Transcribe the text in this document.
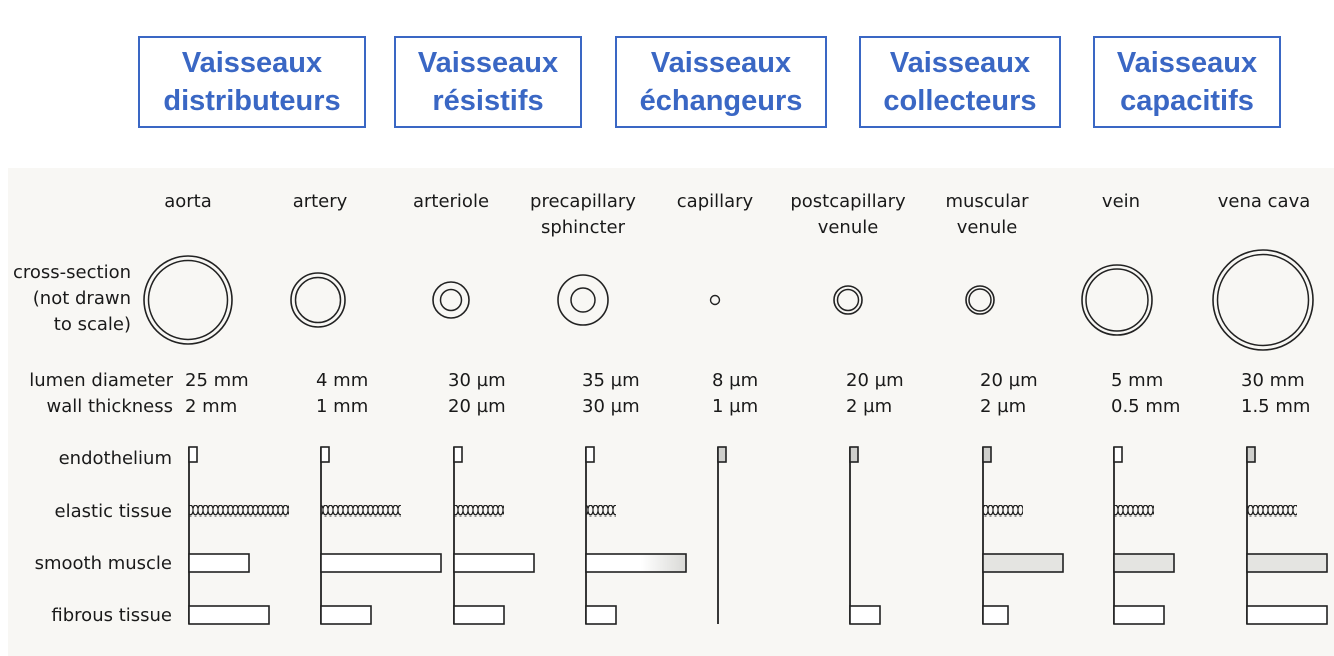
Vaisseaux
distributeurs
Vaisseaux
résistifs
Vaisseaux
échangeurs
Vaisseaux
collecteurs
Vaisseaux
capacitifs
cross-section
(not drawn
to scale)
lumen diameter
wall thickness
endothelium
elastic tissue
smooth muscle
fibrous tissue
aorta
25 mm
2 mm
artery
4 mm
1 mm
arteriole
30 µm
20 µm
precapillary
sphincter
35 µm
30 µm
capillary
8 µm
1 µm
postcapillary
venule
20 µm
2 µm
muscular
venule
20 µm
2 µm
vein
5 mm
0.5 mm
vena cava
30 mm
1.5 mm
